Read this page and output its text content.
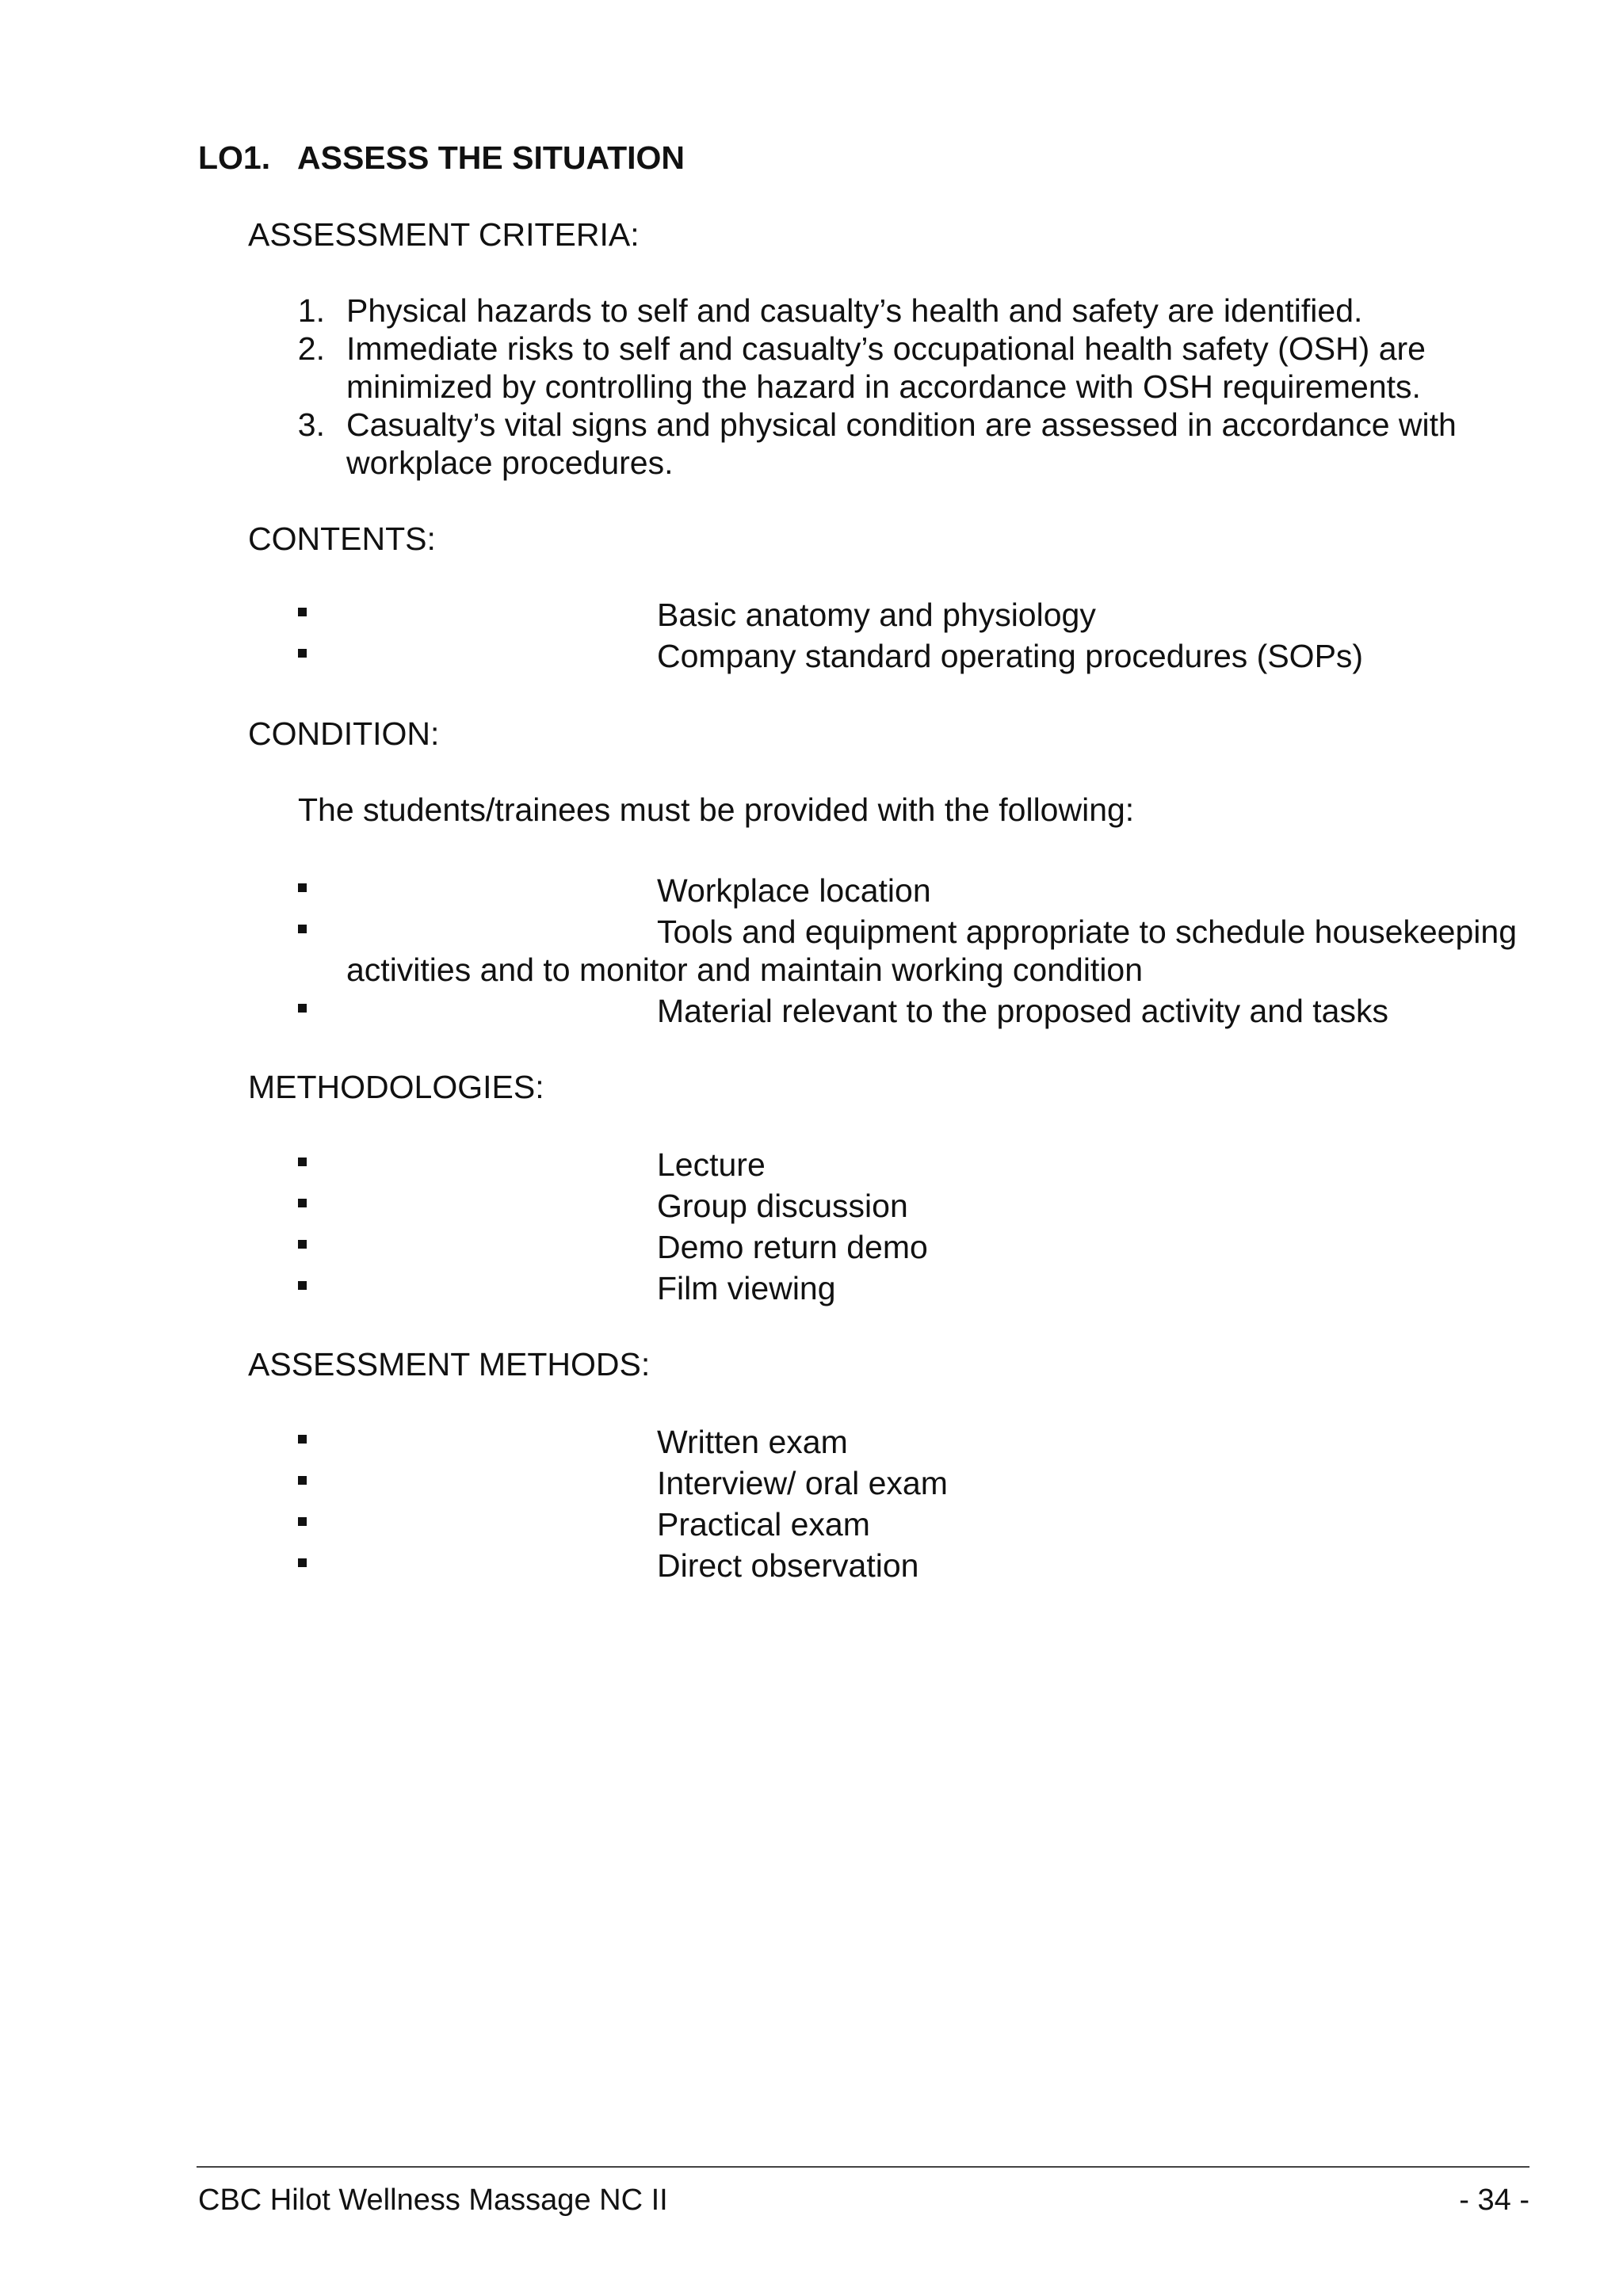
LO1. ASSESS THE SITUATION
ASSESSMENT CRITERIA:
1. Physical hazards to self and casualty’s health and safety are identified.
2. Immediate risks to self and casualty’s occupational health safety (OSH) are
minimized by controlling the hazard in accordance with OSH requirements.
3. Casualty’s vital signs and physical condition are assessed in accordance with
workplace procedures.
CONTENTS:
Basic anatomy and physiology
Company standard operating procedures (SOPs)
CONDITION:
The students/trainees must be provided with the following:
Workplace location
Tools and equipment appropriate to schedule housekeeping
activities and to monitor and maintain working condition
Material relevant to the proposed activity and tasks
METHODOLOGIES:
Lecture
Group discussion
Demo return demo
Film viewing
ASSESSMENT METHODS:
Written exam
Interview/ oral exam
Practical exam
Direct observation
CBC Hilot Wellness Massage NC II	- 34 -
